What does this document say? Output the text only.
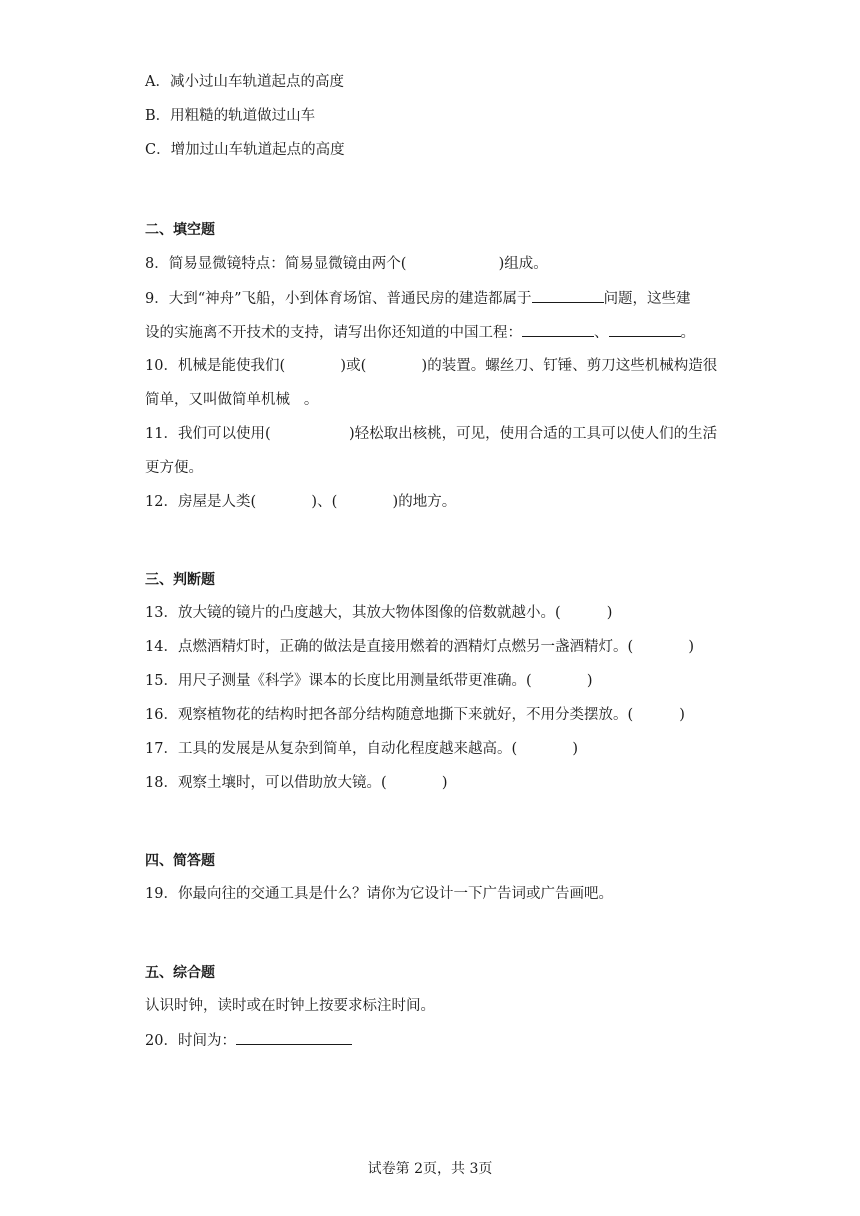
A．减小过山车轨道起点的高度
B．用粗糙的轨道做过山车
C．增加过山车轨道起点的高度
二、填空题
8．简易显微镜特点：简易显微镜由两个(                    )组成。
9．大到“神舟”飞船，小到体育场馆、普通民房的建造都属于	问题，这些建
设的实施离不开技术的支持，请写出你还知道的中国工程：	、	。
10．机械是能使我们(            )或(            )的装置。螺丝刀、钉锤、剪刀这些机械构造很
简单，又叫做简单机械   。
11．我们可以使用(                 )轻松取出核桃，可见，使用合适的工具可以使人们的生活
更方便。
12．房屋是人类(            )、(            )的地方。
三、判断题
13．放大镜的镜片的凸度越大，其放大物体图像的倍数就越小。(          )
14．点燃酒精灯时，正确的做法是直接用燃着的酒精灯点燃另一盏酒精灯。(            )
15．用尺子测量《科学》课本的长度比用测量纸带更准确。(            )
16．观察植物花的结构时把各部分结构随意地撕下来就好，不用分类摆放。(          )
17．工具的发展是从复杂到简单，自动化程度越来越高。(            )
18．观察土壤时，可以借助放大镜。(            )
四、简答题
19．你最向往的交通工具是什么？请你为它设计一下广告词或广告画吧。
五、综合题
认识时钟，读时或在时钟上按要求标注时间。
20．时间为：
试卷第 2页，共 3页
